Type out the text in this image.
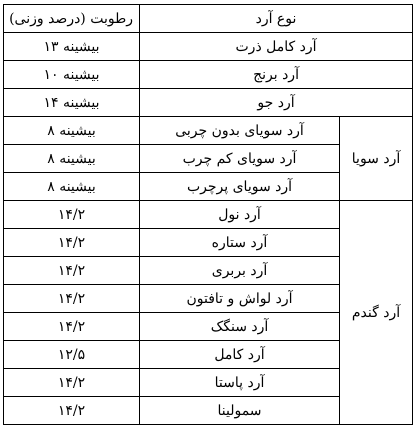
نوع آرد		رطوبت (درصد وزنی)
آرد کامل ذرت		بیشینه ۱۳
آرد برنج		بیشینه ۱۰
آرد جو		بیشینه ۱۴
آرد سویا	آرد سویای بدون چربی	بیشینه ۸
	آرد سویای کم چرب	بیشینه ۸
	آرد سویای پرچرب	بیشینه ۸
آرد گندم	آرد نول	۱۴/۲
	آرد ستاره	۱۴/۲
	آرد بربری	۱۴/۲
	آرد لواش و تافتون	۱۴/۲
	آرد سنگک	۱۴/۲
	آرد کامل	۱۲/۵
	آرد پاستا	۱۴/۲
	سمولینا	۱۴/۲
